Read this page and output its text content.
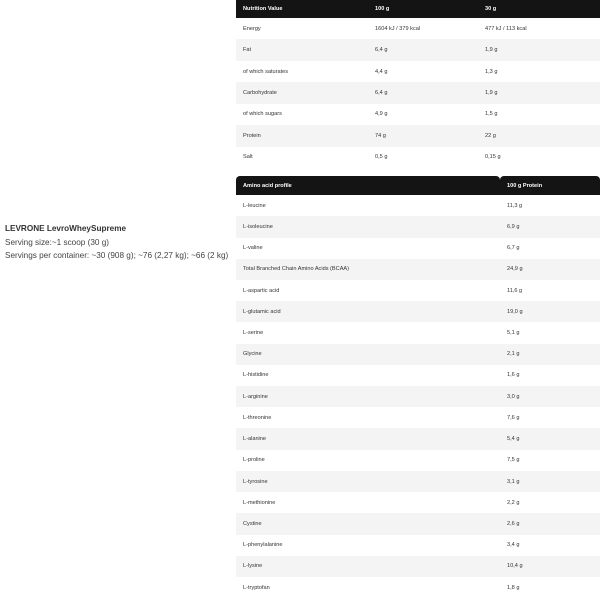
LEVRONE LevroWheySupreme
Serving size:~1 scoop (30 g)
Servings per container: ~30 (908 g); ~76 (2,27 kg); ~66 (2 kg)
Nutrition Value	100 g	30 g
Energy	1604 kJ / 379 kcal	477 kJ / 113 kcal
Fat	6,4 g	1,9 g
of which saturates	4,4 g	1,3 g
Carbohydrate	6,4 g	1,9 g
of which sugars	4,9 g	1,5 g
Protein	74 g	22 g
Salt	0,5 g	0,15 g
Amino acid profile	100 g Protein
L-leucine	11,3 g
L-isoleucine	6,9 g
L-valine	6,7 g
Total Branched Chain Amino Acids (BCAA)	24,9 g
L-aspartic acid	11,6 g
L-glutamic acid	19,0 g
L-serine	5,1 g
Glycine	2,1 g
L-histidine	1,6 g
L-arginine	3,0 g
L-threonine	7,6 g
L-alanine	5,4 g
L-proline	7,5 g
L-tyrosine	3,1 g
L-methionine	2,2 g
Cystine	2,6 g
L-phenylalanine	3,4 g
L-lysine	10,4 g
L-tryptofan	1,8 g
